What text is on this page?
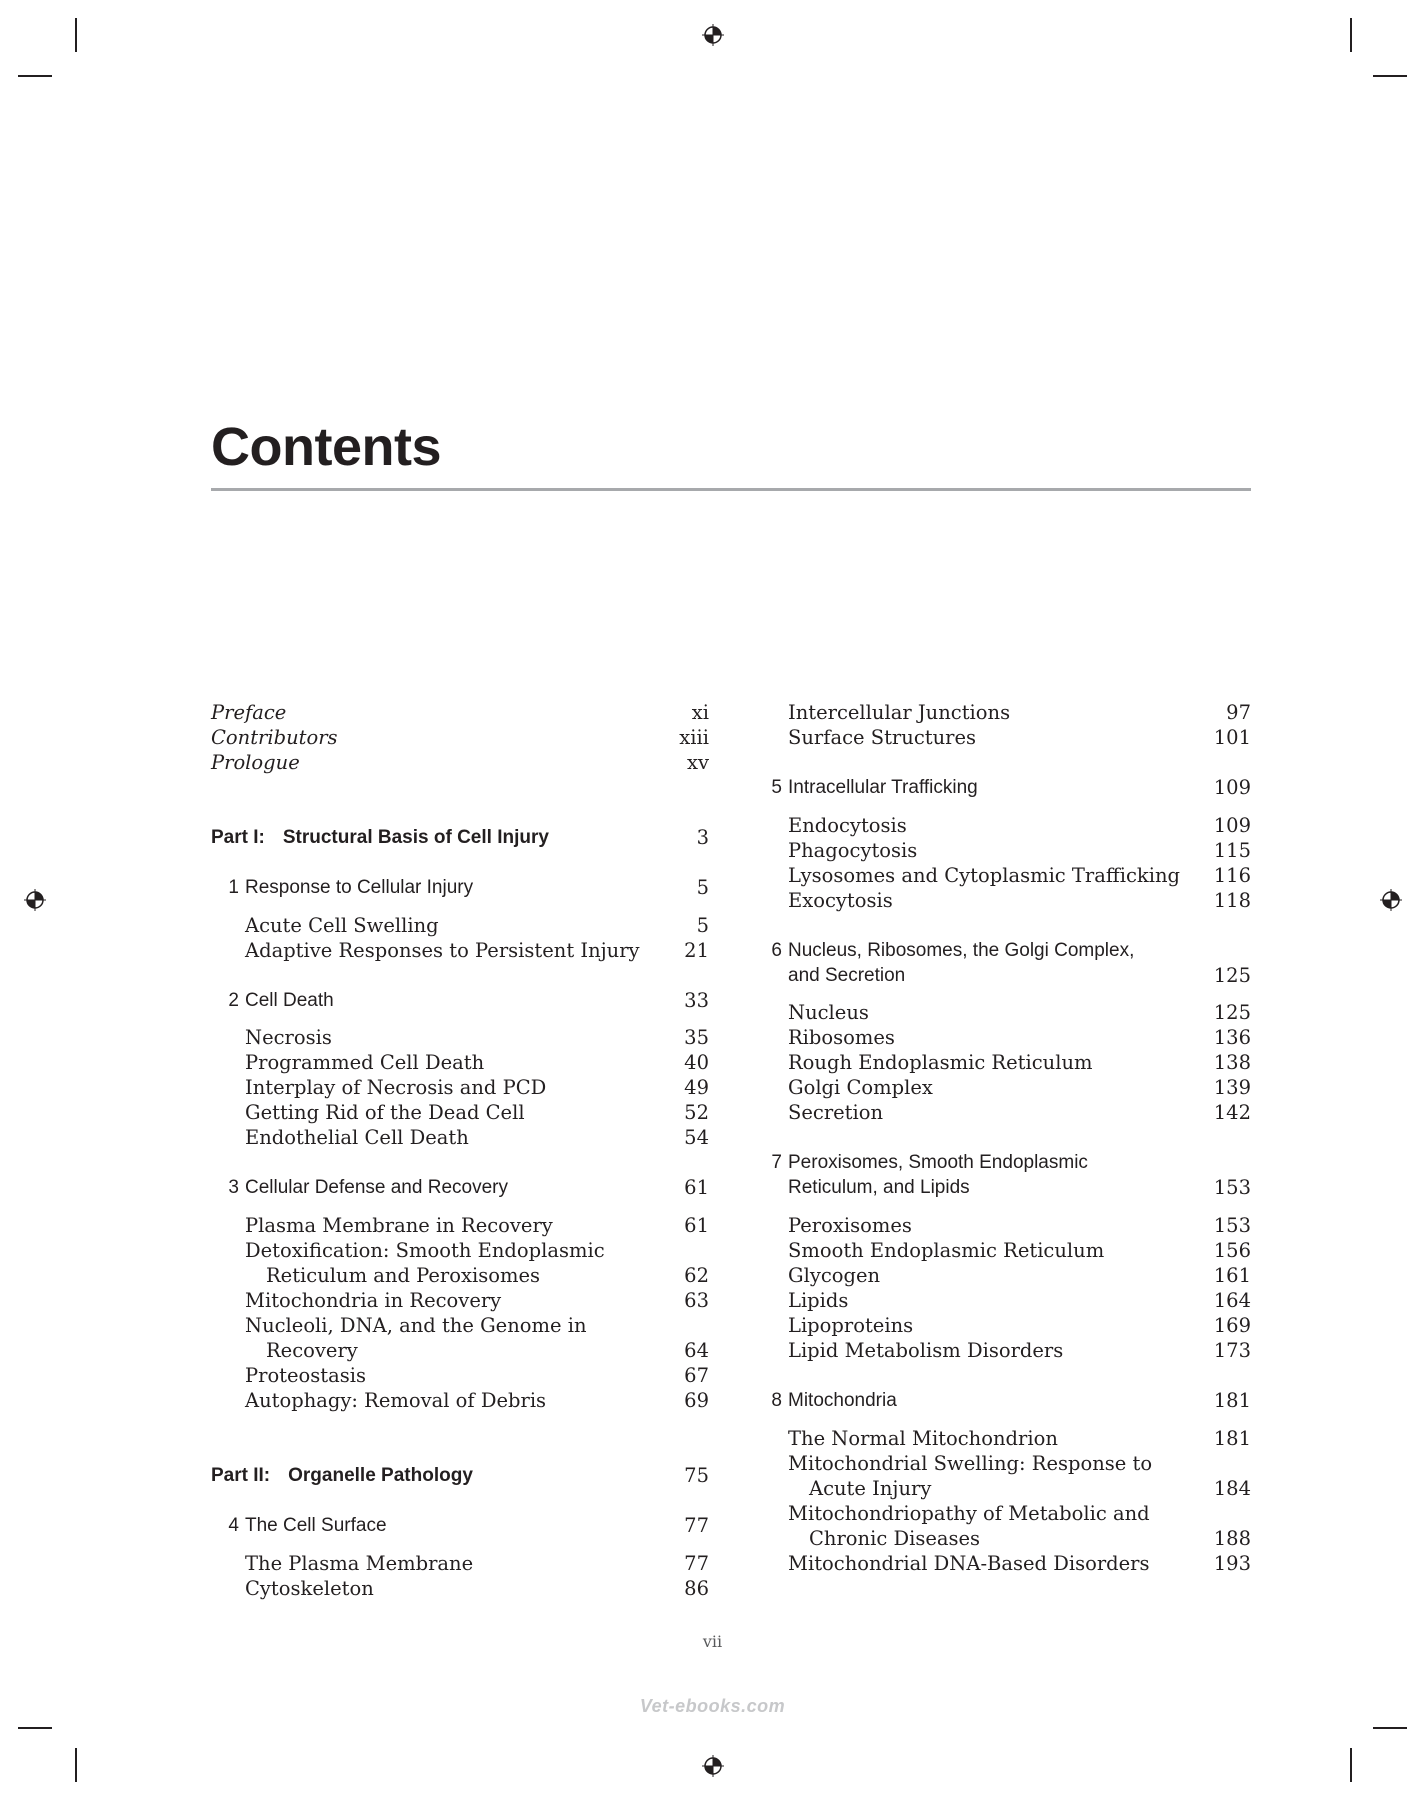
Contents
Preface	xi
Contributors	xiii
Prologue	xv
Part I: Structural Basis of Cell Injury	3
1 Response to Cellular Injury	5
Acute Cell Swelling	5
Adaptive Responses to Persistent Injury 21
2 Cell Death	33
Necrosis	35
Programmed Cell Death	40
Interplay of Necrosis and PCD	49
Getting Rid of the Dead Cell	52
Endothelial Cell Death	54
3 Cellular Defense and Recovery	61
Plasma Membrane in Recovery	61
Detoxification: Smooth Endoplasmic
Reticulum and Peroxisomes	62
Mitochondria in Recovery	63
Nucleoli, DNA, and the Genome in
Recovery	64
Proteostasis	67
Autophagy: Removal of Debris	69
Part II: Organelle Pathology	75
4 The Cell Surface	77
The Plasma Membrane	77
Cytoskeleton	86
Intercellular Junctions	97
Surface Structures	101
5 Intracellular Trafficking	109
Endocytosis	109
Phagocytosis	115
Lysosomes and Cytoplasmic Trafficking 116
Exocytosis	118
6 Nucleus, Ribosomes, the Golgi Complex,
and Secretion	125
Nucleus	125
Ribosomes	136
Rough Endoplasmic Reticulum	138
Golgi Complex	139
Secretion	142
7 Peroxisomes, Smooth Endoplasmic
Reticulum, and Lipids	153
Peroxisomes	153
Smooth Endoplasmic Reticulum	156
Glycogen	161
Lipids	164
Lipoproteins	169
Lipid Metabolism Disorders	173
8 Mitochondria	181
The Normal Mitochondrion	181
Mitochondrial Swelling: Response to
Acute Injury	184
Mitochondriopathy of Metabolic and
Chronic Diseases	188
Mitochondrial DNA-Based Disorders	193
vii
Vet-ebooks.com
